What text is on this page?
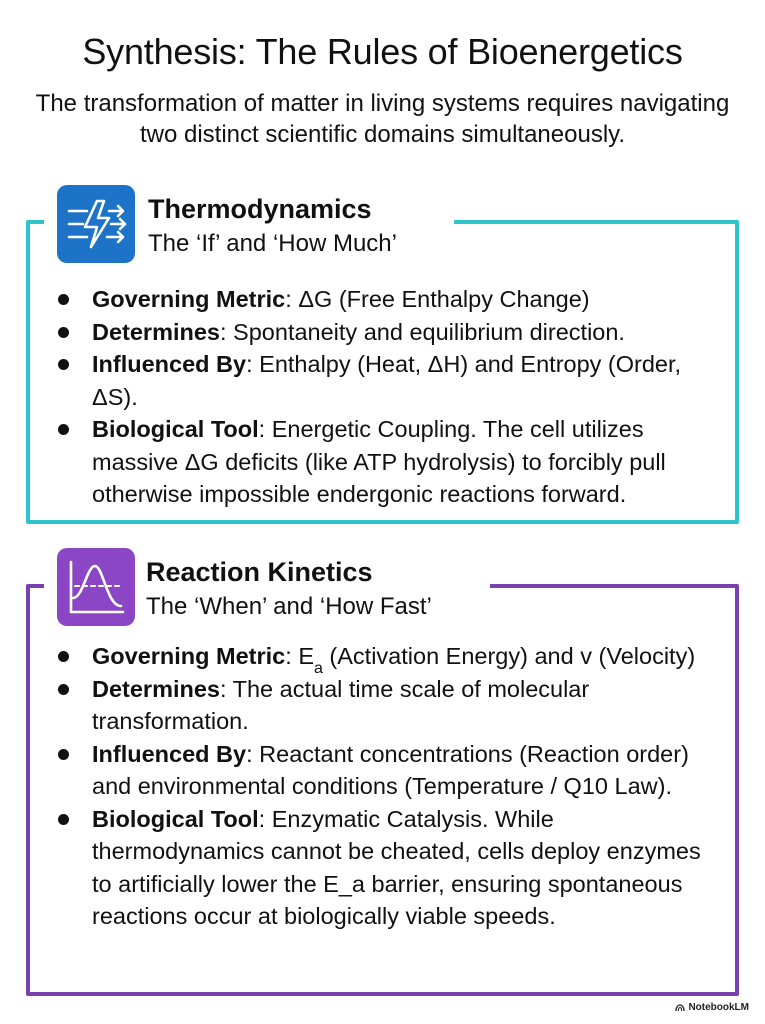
Synthesis: The Rules of Bioenergetics
The transformation of matter in living systems requires navigating two distinct scientific domains simultaneously.
Thermodynamics
The ‘If’ and ‘How Much’
Governing Metric: ΔG (Free Enthalpy Change)
Determines: Spontaneity and equilibrium direction.
Influenced By: Enthalpy (Heat, ΔH) and Entropy (Order, ΔS).
Biological Tool: Energetic Coupling. The cell utilizes massive ΔG deficits (like ATP hydrolysis) to forcibly pull otherwise impossible endergonic reactions forward.
Reaction Kinetics
The ‘When’ and ‘How Fast’
Governing Metric: $E_a$ (Activation Energy) and v (Velocity)
Determines: The actual time scale of molecular transformation.
Influenced By: Reactant concentrations (Reaction order) and environmental conditions (Temperature / Q10 Law).
Biological Tool: Enzymatic Catalysis. While thermodynamics cannot be cheated, cells deploy enzymes to artificially lower the E_a barrier, ensuring spontaneous reactions occur at biologically viable speeds.
NotebookLM
